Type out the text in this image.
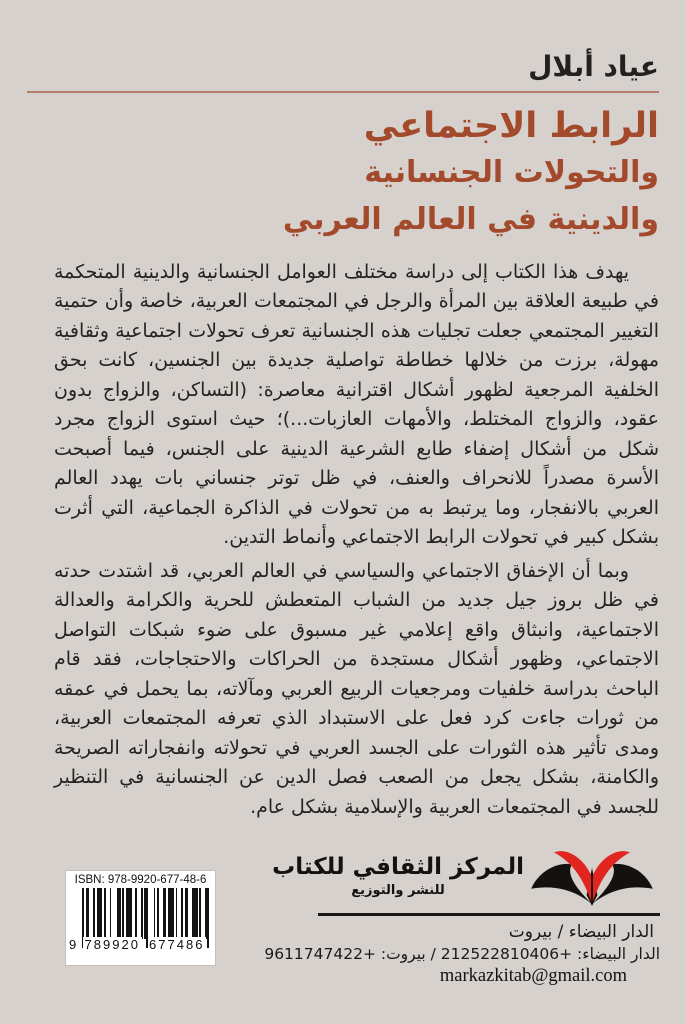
عياد أبلال
الرابط الاجتماعي
والتحولات الجنسانية
والدينية في العالم العربي

يهدف هذا الكتاب إلى دراسة مختلف العوامل الجنسانية والدينية المتحكمة في طبيعة العلاقة بين المرأة والرجل في المجتمعات العربية، خاصة وأن حتمية التغيير المجتمعي جعلت تجليات هذه الجنسانية تعرف تحولات اجتماعية وثقافية مهولة، برزت من خلالها خطاطة تواصلية جديدة بين الجنسين، كانت بحق الخلفية المرجعية لظهور أشكال اقترانية معاصرة: (التساكن، والزواج بدون عقود، والزواج المختلط، والأمهات العازبات...)؛ حيث استوى الزواج مجرد شكل من أشكال إضفاء طابع الشرعية الدينية على الجنس، فيما أصبحت الأسرة مصدراً للانحراف والعنف، في ظل توتر جنساني بات يهدد العالم العربي بالانفجار، وما يرتبط به من تحولات في الذاكرة الجماعية، التي أثرت بشكل كبير في تحولات الرابط الاجتماعي وأنماط التدين.

وبما أن الإخفاق الاجتماعي والسياسي في العالم العربي، قد اشتدت حدته في ظل بروز جيل جديد من الشباب المتعطش للحرية والكرامة والعدالة الاجتماعية، وانبثاق واقع إعلامي غير مسبوق على ضوء شبكات التواصل الاجتماعي، وظهور أشكال مستجدة من الحراكات والاحتجاجات، فقد قام الباحث بدراسة خلفيات ومرجعيات الربيع العربي ومآلاته، بما يحمل في عمقه من ثورات جاءت كرد فعل على الاستبداد الذي تعرفه المجتمعات العربية، ومدى تأثير هذه الثورات على الجسد العربي في تحولاته وانفجاراته الصريحة والكامنة، بشكل يجعل من الصعب فصل الدين عن الجنسانية في التنظير للجسد في المجتمعات العربية والإسلامية بشكل عام.

ISBN: 978-9920-677-48-6
9 789920 677486
المركز الثقافي للكتاب
للنشر والتوزيع
الدار البيضاء / بيروت
الدار البيضاء: +212522810406 / بيروت: +9611747422
markazkitab@gmail.com
